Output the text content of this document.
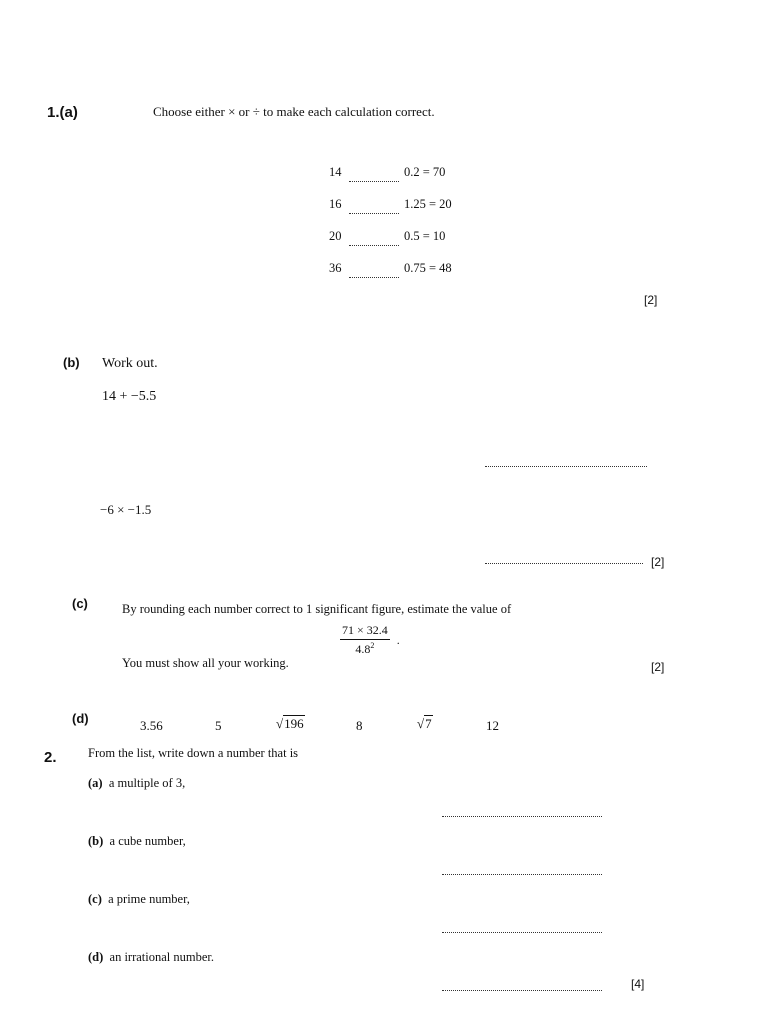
1.(a)	Choose either × or ÷ to make each calculation correct.
14	0.2 = 70
16	1.25 = 20
20	0.5 = 10
36	0.75 = 48
[2]
(b) Work out.
14 + −5.5
−6 × −1.5
[2]
(c)	By rounding each number correct to 1 significant figure, estimate the value of
$\frac{71 \times 32.4}{4.8^2}$ .
You must show all your working.	[2]
(d)	3.56	5	√196	8	√7	12
2.	From the list, write down a number that is
(a) a multiple of 3,
(b) a cube number,
(c) a prime number,
(d) an irrational number.
[4]
